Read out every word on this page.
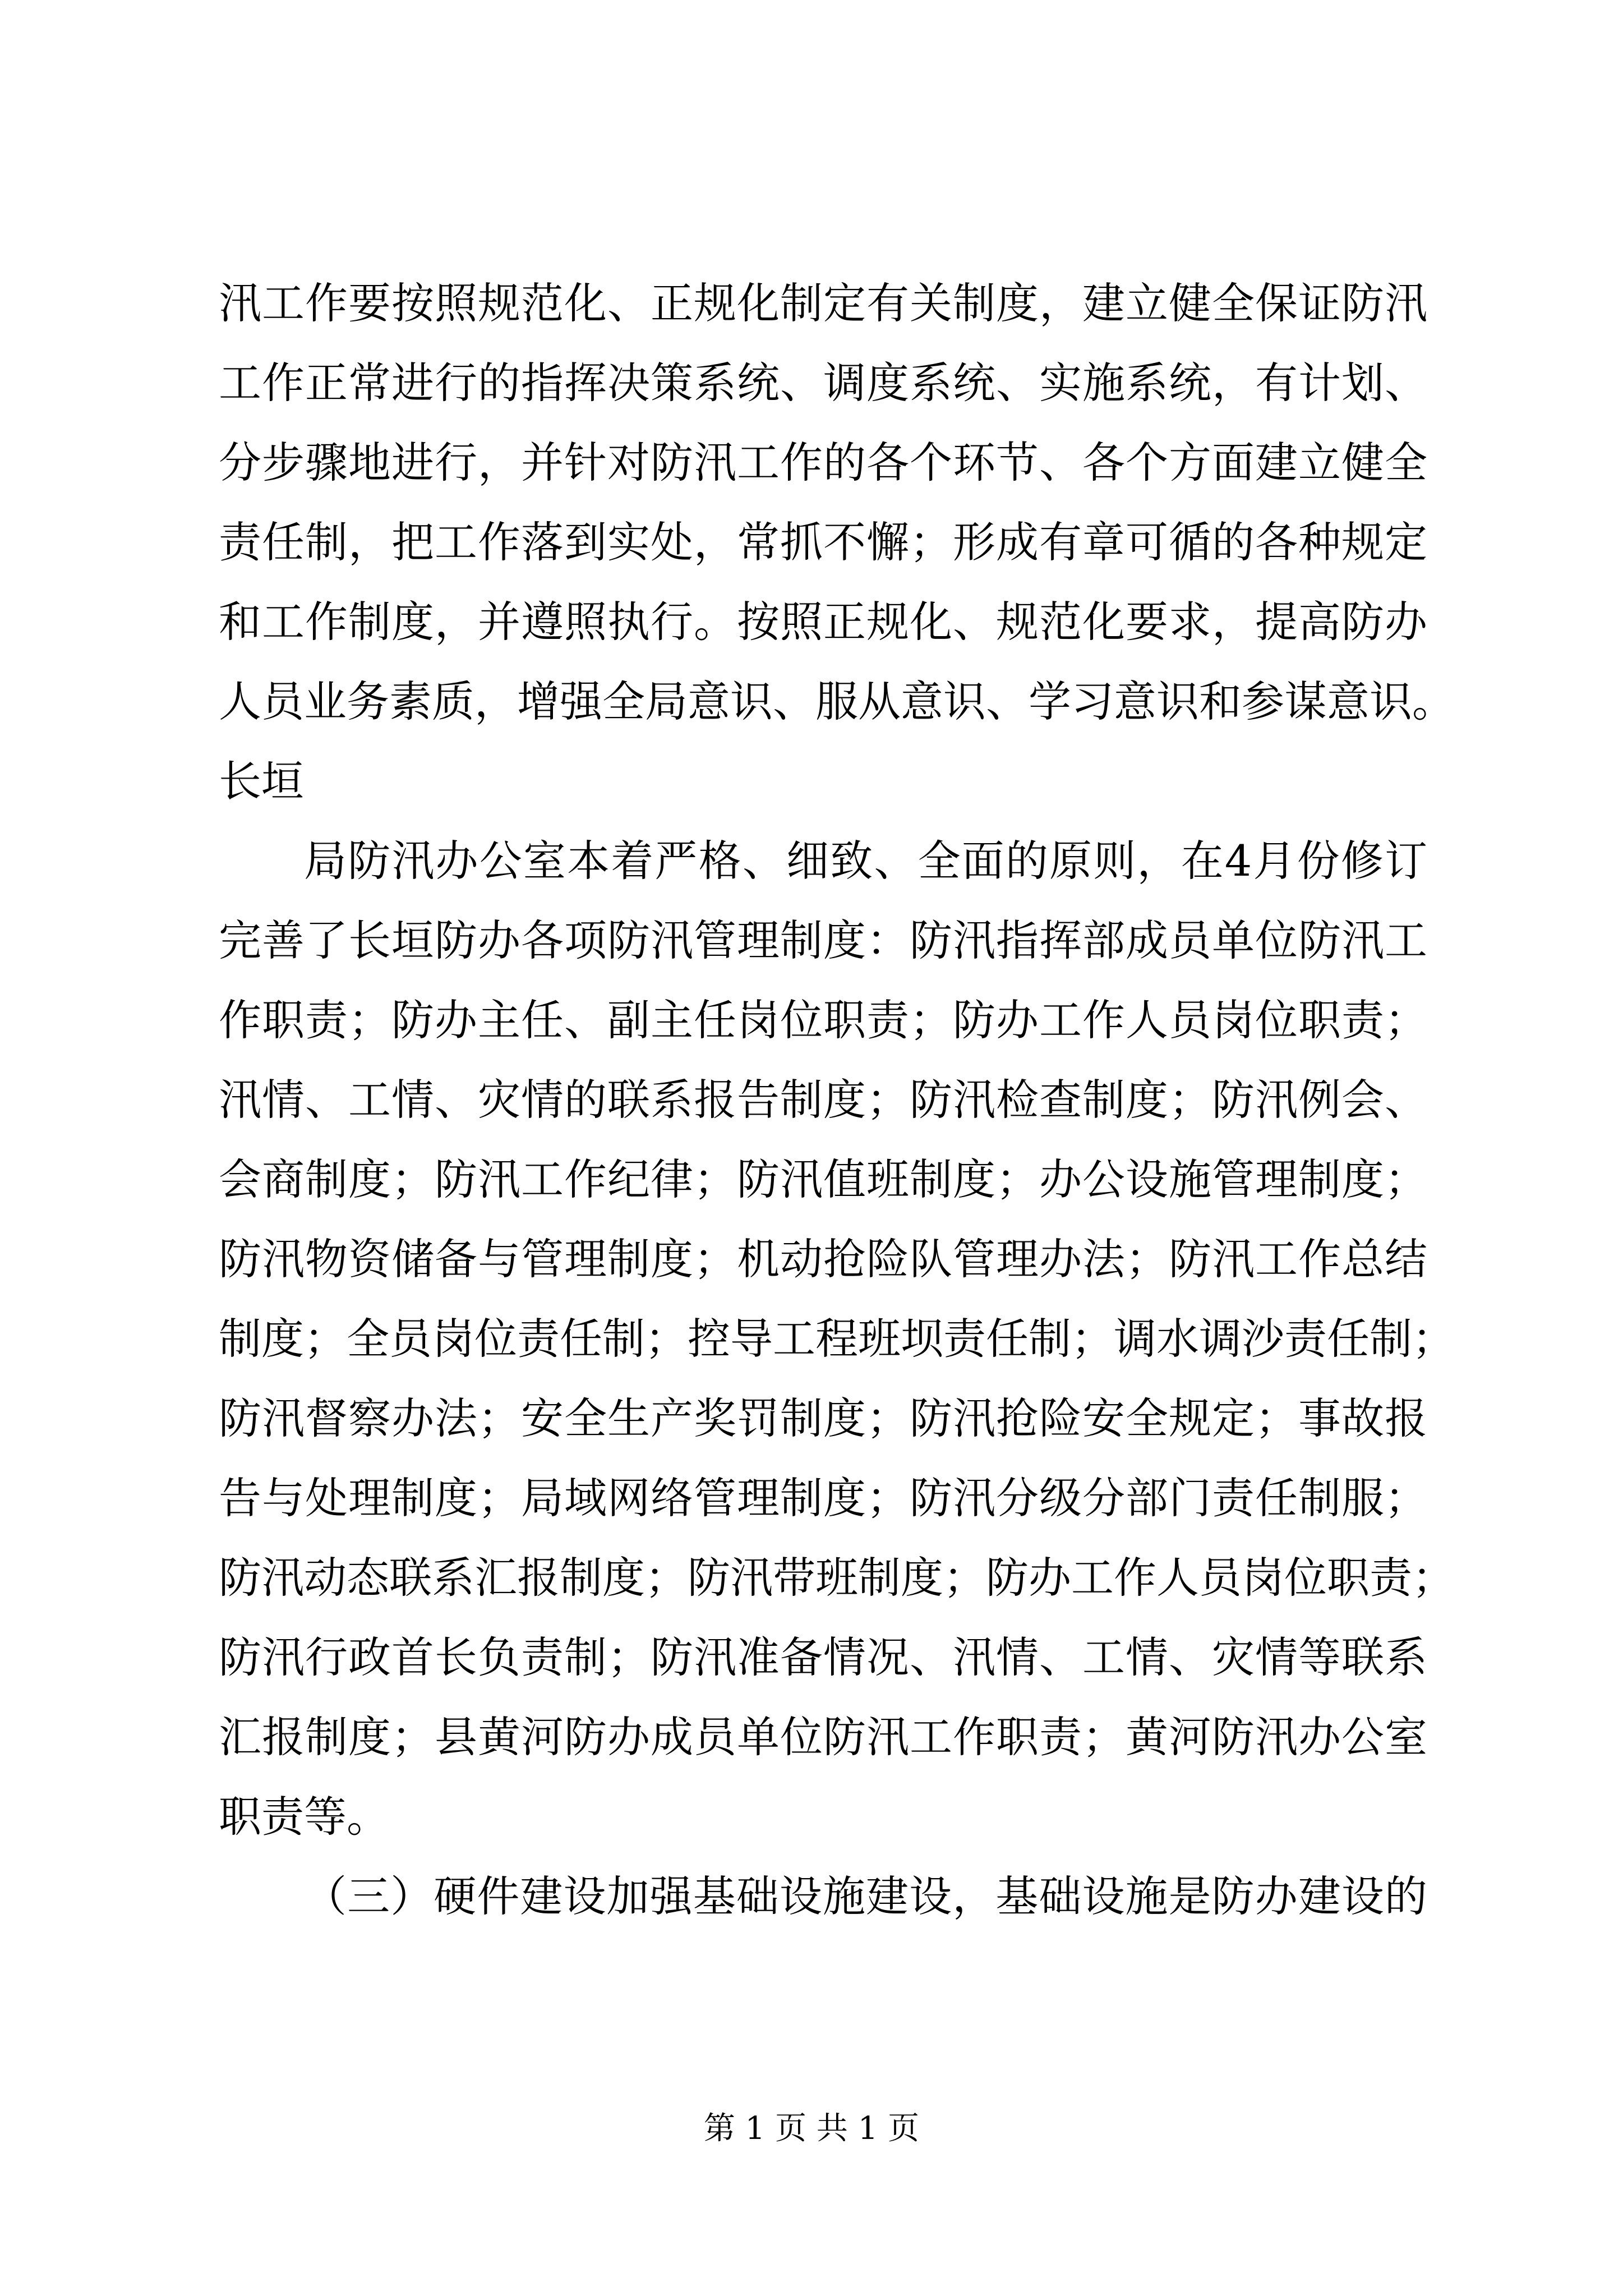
汛工作要按照规范化、正规化制定有关制度，建立健全保证防汛
工作正常进行的指挥决策系统、调度系统、实施系统，有计划、
分步骤地进行，并针对防汛工作的各个环节、各个方面建立健全
责任制，把工作落到实处，常抓不懈；形成有章可循的各种规定
和工作制度，并遵照执行。按照正规化、规范化要求，提高防办
人员业务素质，增强全局意识、服从意识、学习意识和参谋意识。
长垣
局防汛办公室本着严格、细致、全面的原则，在4月份修订
完善了长垣防办各项防汛管理制度：防汛指挥部成员单位防汛工
作职责；防办主任、副主任岗位职责；防办工作人员岗位职责；
汛情、工情、灾情的联系报告制度；防汛检查制度；防汛例会、
会商制度；防汛工作纪律；防汛值班制度；办公设施管理制度；
防汛物资储备与管理制度；机动抢险队管理办法；防汛工作总结
制度；全员岗位责任制；控导工程班坝责任制；调水调沙责任制；
防汛督察办法；安全生产奖罚制度；防汛抢险安全规定；事故报
告与处理制度；局域网络管理制度；防汛分级分部门责任制服；
防汛动态联系汇报制度；防汛带班制度；防办工作人员岗位职责；
防汛行政首长负责制；防汛准备情况、汛情、工情、灾情等联系
汇报制度；县黄河防办成员单位防汛工作职责；黄河防汛办公室
职责等。
（三）硬件建设加强基础设施建设，基础设施是防办建设的
第 1 页 共 1 页
